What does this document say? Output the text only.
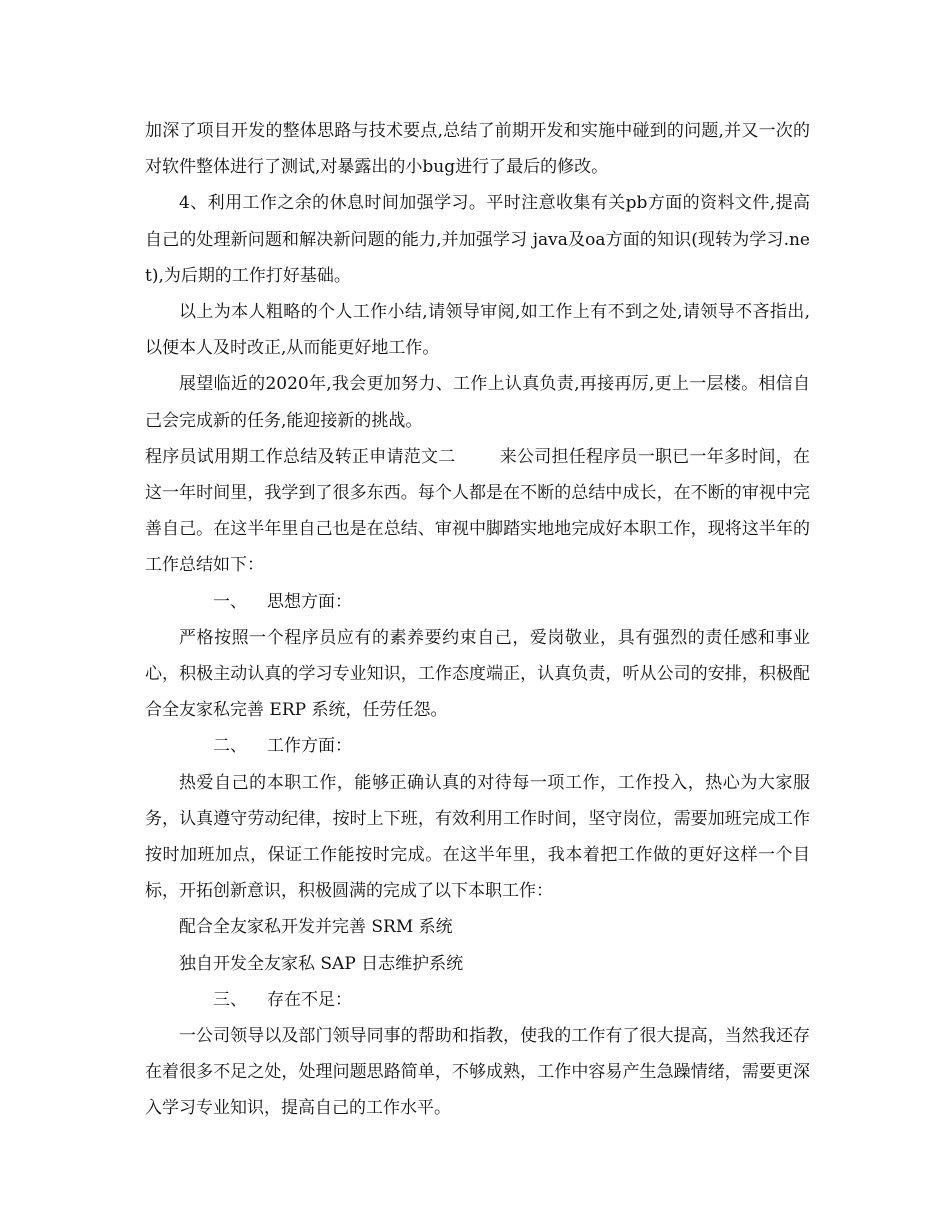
加深了项目开发的整体思路与技术要点,总结了前期开发和实施中碰到的问题,并又一次的对软件整体进行了测试,对暴露出的小bug进行了最后的修改。

4、利用工作之余的休息时间加强学习。平时注意收集有关pb方面的资料文件,提高自己的处理新问题和解决新问题的能力,并加强学习 java及oa方面的知识(现转为学习.net),为后期的工作打好基础。

以上为本人粗略的个人工作小结,请领导审阅,如工作上有不到之处,请领导不吝指出,以便本人及时改正,从而能更好地工作。

展望临近的2020年,我会更加努力、工作上认真负责,再接再厉,更上一层楼。相信自己会完成新的任务,能迎接新的挑战。

程序员试用期工作总结及转正申请范文二	来公司担任程序员一职已一年多时间，在这一年时间里，我学到了很多东西。每个人都是在不断的总结中成长，在不断的审视中完善自己。在这半年里自己也是在总结、审视中脚踏实地地完成好本职工作，现将这半年的工作总结如下：

一、 思想方面：

严格按照一个程序员应有的素养要约束自己，爱岗敬业，具有强烈的责任感和事业心，积极主动认真的学习专业知识，工作态度端正，认真负责，听从公司的安排，积极配合全友家私完善 ERP 系统，任劳任怨。

二、 工作方面：

热爱自己的本职工作，能够正确认真的对待每一项工作，工作投入，热心为大家服务，认真遵守劳动纪律，按时上下班，有效利用工作时间，坚守岗位，需要加班完成工作按时加班加点，保证工作能按时完成。在这半年里，我本着把工作做的更好这样一个目标，开拓创新意识，积极圆满的完成了以下本职工作：

配合全友家私开发并完善 SRM 系统

独自开发全友家私 SAP 日志维护系统

三、 存在不足：

一公司领导以及部门领导同事的帮助和指教，使我的工作有了很大提高，当然我还存在着很多不足之处，处理问题思路简单，不够成熟，工作中容易产生急躁情绪，需要更深入学习专业知识，提高自己的工作水平。
